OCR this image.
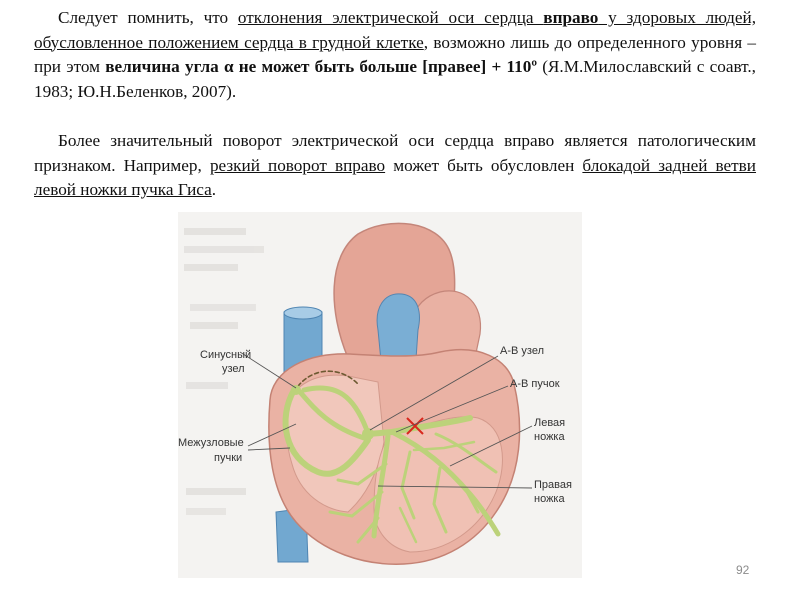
Следует помнить, что отклонения электрической оси сердца вправо у здоровых людей, обусловленное положением сердца в грудной клетке, возможно лишь до определенного уровня – при этом величина угла α не может быть больше [правее] + 110º (Я.М.Милославский с соавт., 1983; Ю.Н.Беленков, 2007).

Более значительный поворот электрической оси сердца вправо является патологическим признаком. Например, резкий поворот вправо может быть обусловлен блокадой задней ветви левой ножки пучка Гиса.

Синусный
узел
Межузловые
пучки
А-В узел
А-В пучок
Левая
ножка
Правая
ножка
92
